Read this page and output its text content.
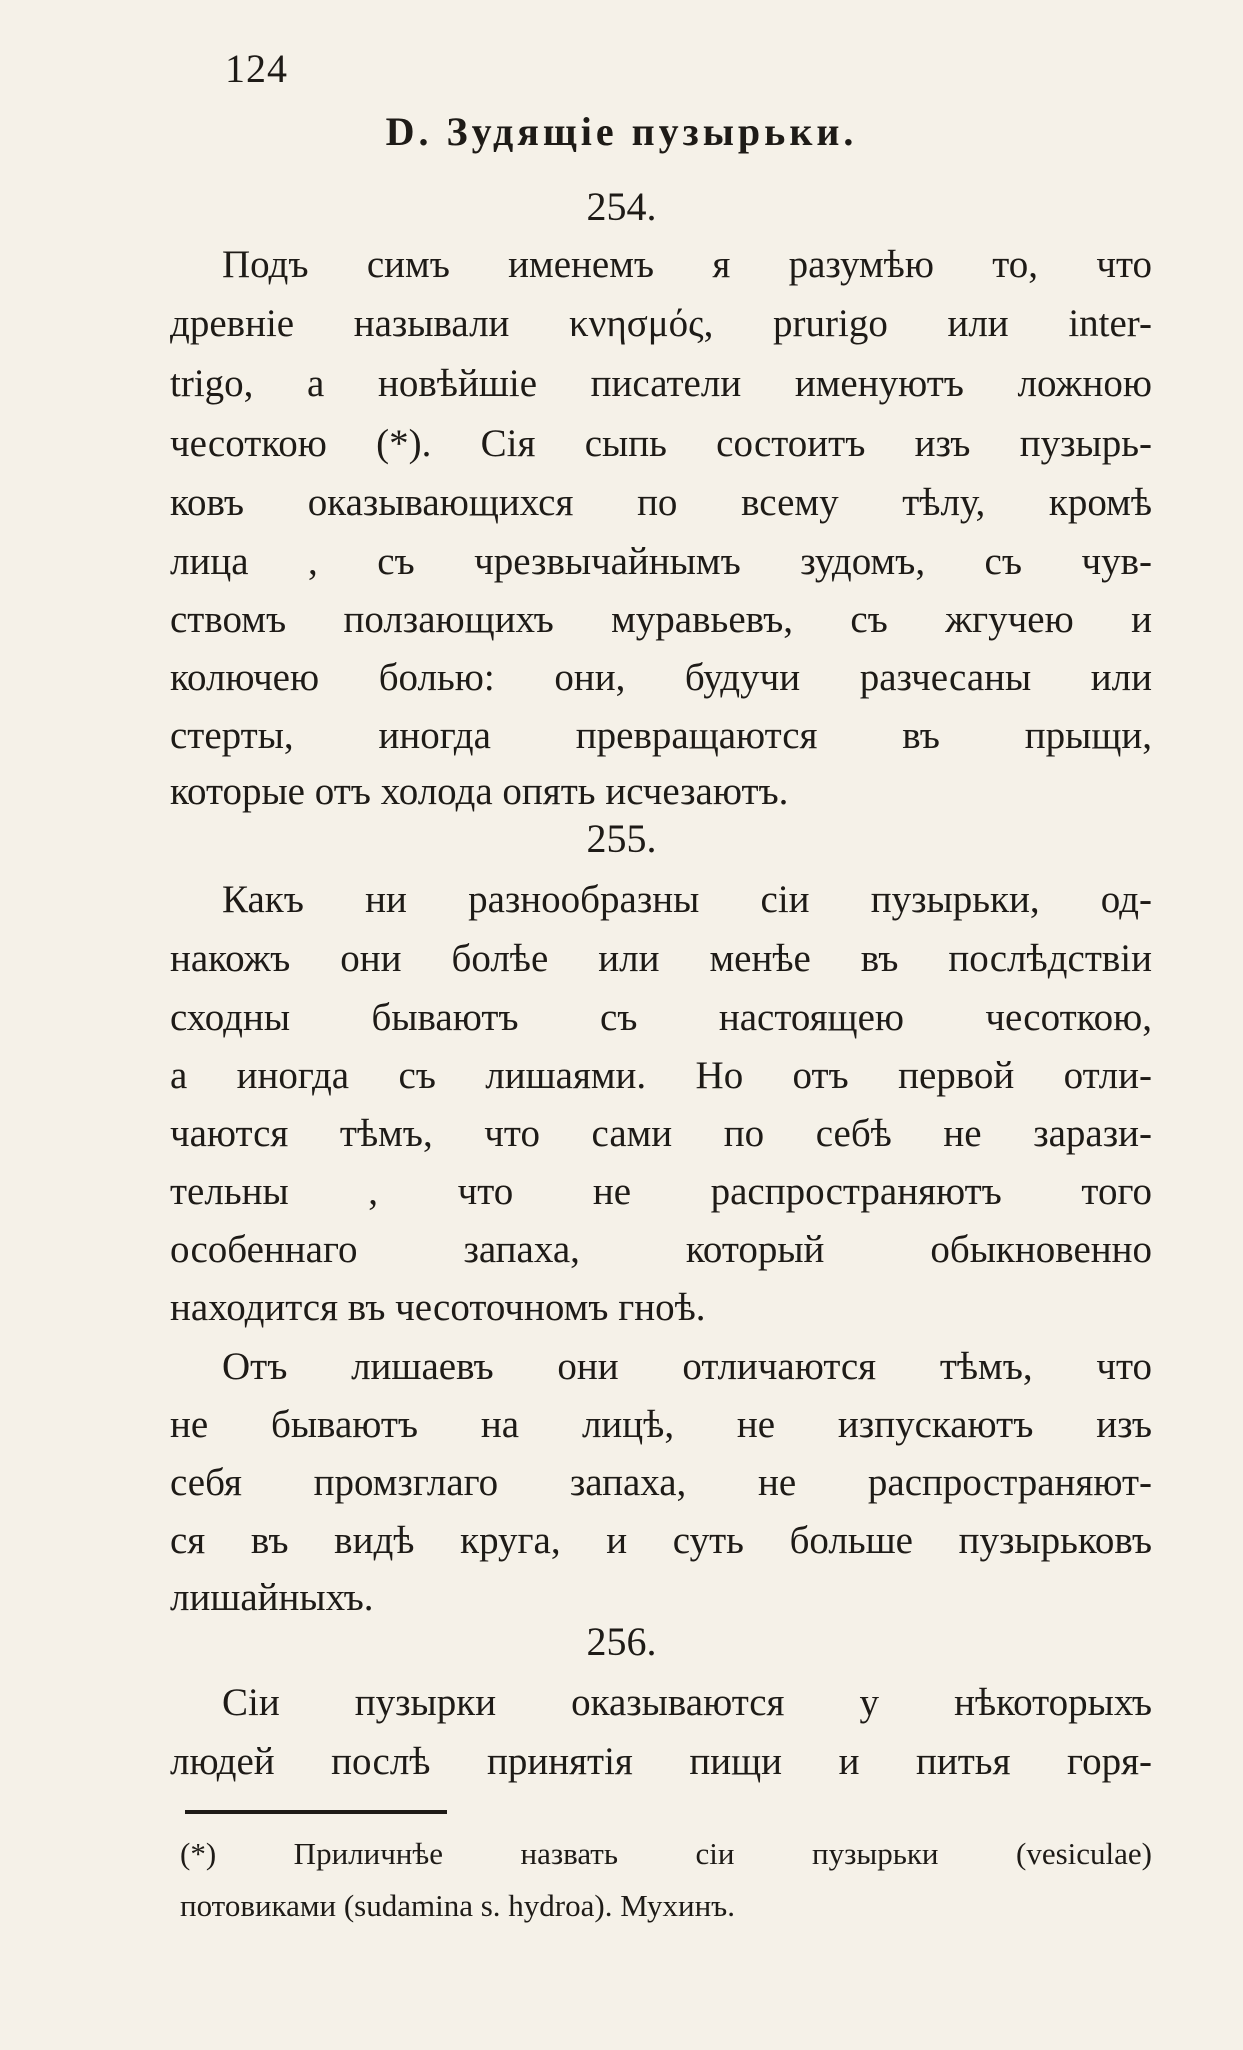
124
D. Зудящіе пузырьки.
254.
Подъ симъ именемъ я разумѣю то, что
древніе называли κνησμός, prurigo или inter-
trigo, а новѣйшіе писатели именуютъ ложною
чесоткою (*). Сія сыпь состоитъ изъ пузырь-
ковъ оказывающихся по всему тѣлу, кромѣ
лица , съ чрезвычайнымъ зудомъ, съ чув-
ствомъ ползающихъ муравьевъ, съ жгучею и
колючею болью: они, будучи разчесаны или
стерты, иногда превращаются въ прыщи,
которые отъ холода опять исчезаютъ.
255.
Какъ ни разнообразны сіи пузырьки, од-
накожъ они болѣе или менѣе въ послѣдствіи
сходны бываютъ съ настоящею чесоткою,
а иногда съ лишаями. Но отъ первой отли-
чаются тѣмъ, что сами по себѣ не зарази-
тельны , что не распространяютъ того
особеннаго запаха, который обыкновенно
находится въ чесоточномъ гноѣ.
Отъ лишаевъ они отличаются тѣмъ, что
не бываютъ на лицѣ, не изпускаютъ изъ
себя промзглаго запаха, не распространяют-
ся въ видѣ круга, и суть больше пузырьковъ
лишайныхъ.
256.
Сіи пузырки оказываются у нѣкоторыхъ
людей послѣ принятія пищи и питья горя-
(*) Приличнѣе назвать сіи пузырьки (vesiculae)
потовиками (sudamina s. hydroa). Мухинъ.
